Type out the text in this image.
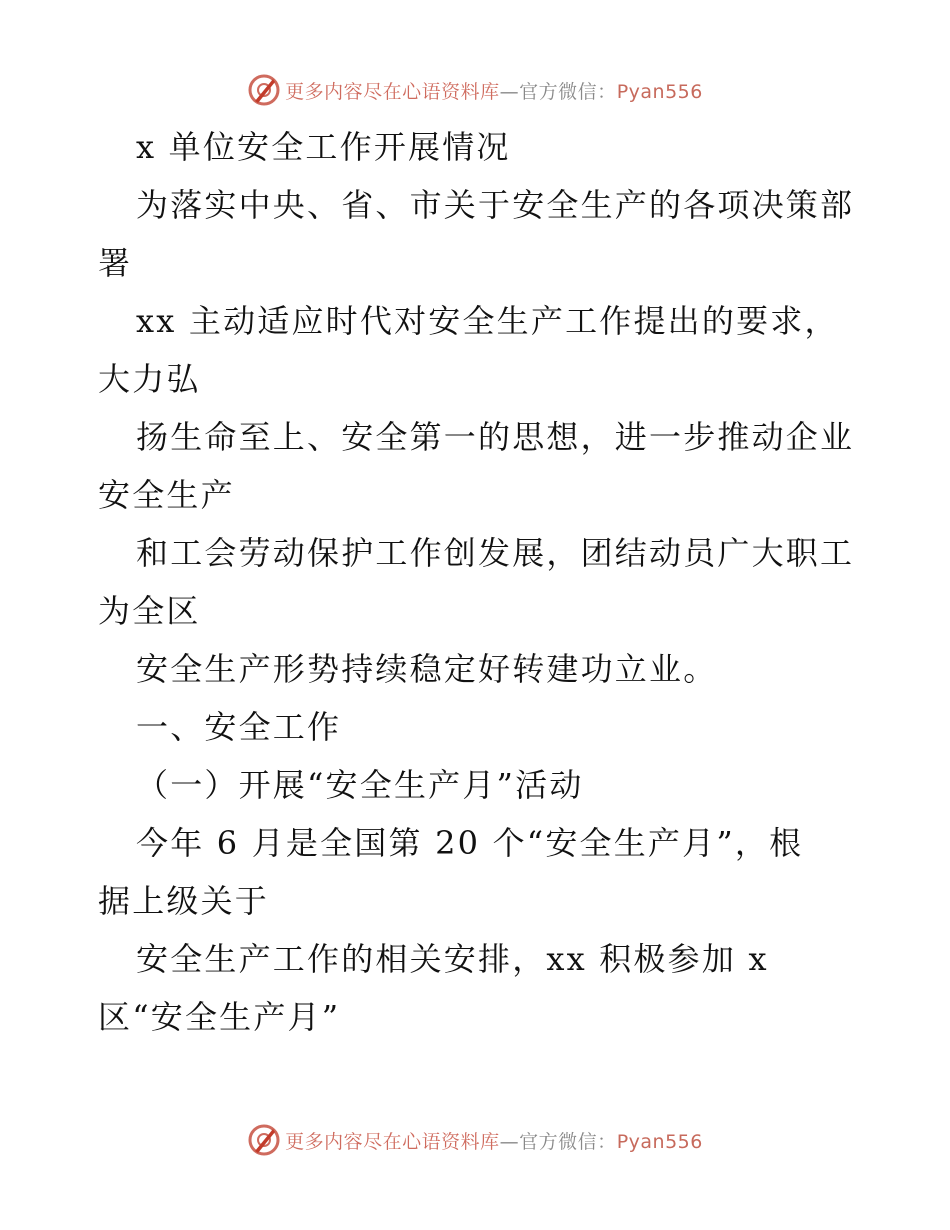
更多内容尽在心语资料库—官方微信：Pyan556
x 单位安全工作开展情况
为落实中央、省、市关于安全生产的各项决策部
署
xx 主动适应时代对安全生产工作提出的要求，
大力弘
扬生命至上、安全第一的思想，进一步推动企业
安全生产
和工会劳动保护工作创发展，团结动员广大职工
为全区
安全生产形势持续稳定好转建功立业。
一、安全工作
（一）开展“安全生产月”活动
今年 6 月是全国第 20 个“安全生产月”，根
据上级关于
安全生产工作的相关安排，xx 积极参加 x
区“安全生产月”
更多内容尽在心语资料库—官方微信：Pyan556
